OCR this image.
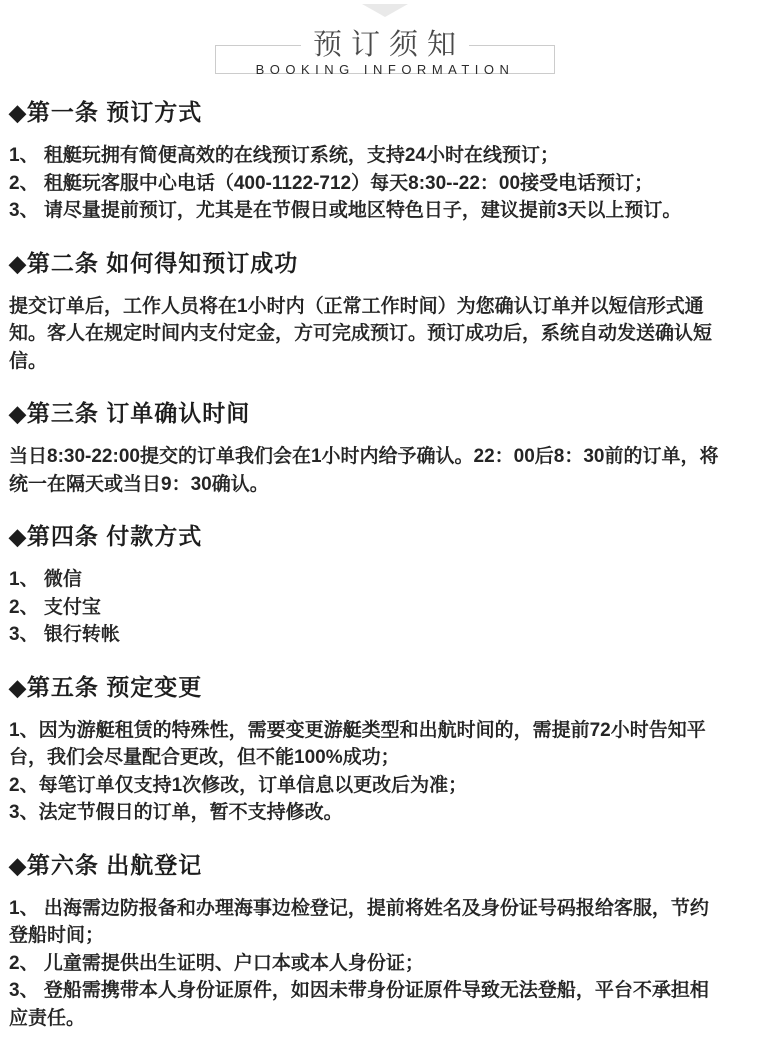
预订须知
BOOKING INFORMATION
◆第一条 预订方式

1、 租艇玩拥有简便高效的在线预订系统，支持24小时在线预订；

2、 租艇玩客服中心电话（400-1122-712）每天8:30--22：00接受电话预订；

3、 请尽量提前预订，尤其是在节假日或地区特色日子，建议提前3天以上预订。

◆第二条 如何得知预订成功

提交订单后，工作人员将在1小时内（正常工作时间）为您确认订单并以短信形式通知。客人在规定时间内支付定金，方可完成预订。预订成功后，系统自动发送确认短信。

◆第三条 订单确认时间

当日8:30-22:00提交的订单我们会在1小时内给予确认。22：00后8：30前的订单，将统一在隔天或当日9：30确认。

◆第四条 付款方式

1、 微信

2、 支付宝

3、 银行转帐

◆第五条 预定变更

1、因为游艇租赁的特殊性，需要变更游艇类型和出航时间的，需提前72小时告知平台，我们会尽量配合更改，但不能100%成功；

2、每笔订单仅支持1次修改，订单信息以更改后为准；

3、法定节假日的订单，暂不支持修改。

◆第六条 出航登记

1、 出海需边防报备和办理海事边检登记，提前将姓名及身份证号码报给客服，节约登船时间；

2、 儿童需提供出生证明、户口本或本人身份证；

3、 登船需携带本人身份证原件，如因未带身份证原件导致无法登船，平台不承担相应责任。
